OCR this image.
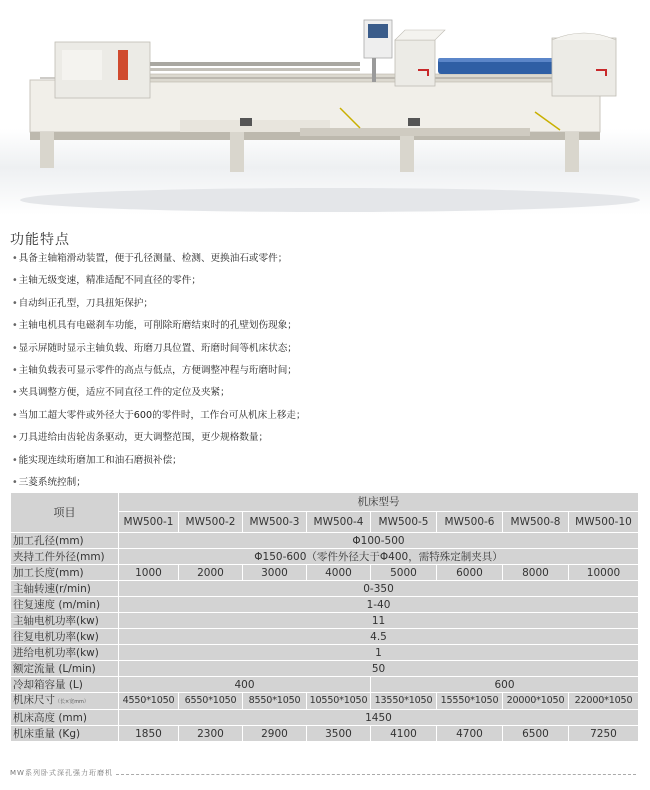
功能特点
•具备主轴箱滑动装置，便于孔径测量、检测、更换油石或零件；
•主轴无级变速，精准适配不同直径的零件；
•自动纠正孔型，刀具扭矩保护；
•主轴电机具有电磁刹车功能，可削除珩磨结束时的孔壁划伤现象；
•显示屏随时显示主轴负载、珩磨刀具位置、珩磨时间等机床状态；
•主轴负载表可显示零件的高点与低点，方便调整冲程与珩磨时间；
•夹具调整方便，适应不同直径工件的定位及夹紧；
•当加工超大零件或外径大于600的零件时，工作台可从机床上移走；
•刀具进给由齿轮齿条驱动，更大调整范围，更少规格数量；
•能实现连续珩磨加工和油石磨损补偿；
•三菱系统控制；
项目	机床型号							
	MW500-1	MW500-2	MW500-3	MW500-4	MW500-5	MW500-6	MW500-8	MW500-10
加工孔径(mm)	Φ100-500							
夹持工件外径(mm)	Φ150-600（零件外径大于Φ400，需特殊定制夹具）							
加工长度(mm)	1000	2000	3000	4000	5000	6000	8000	10000
主轴转速(r/min)	0-350							
往复速度 (m/min)	1-40							
主轴电机功率(kw)	11							
往复电机功率(kw)	4.5							
进给电机功率(kw)	1							
额定流量 (L/min)	50							
冷却箱容量 (L)	400				600			
机床尺寸（长×宽mm）	4550*1050	6550*1050	8550*1050	10550*1050	13550*1050	15550*1050	20000*1050	22000*1050
机床高度 (mm)	1450							
机床重量 (Kg)	1850	2300	2900	3500	4100	4700	6500	7250
MW系列卧式深孔强力珩磨机
